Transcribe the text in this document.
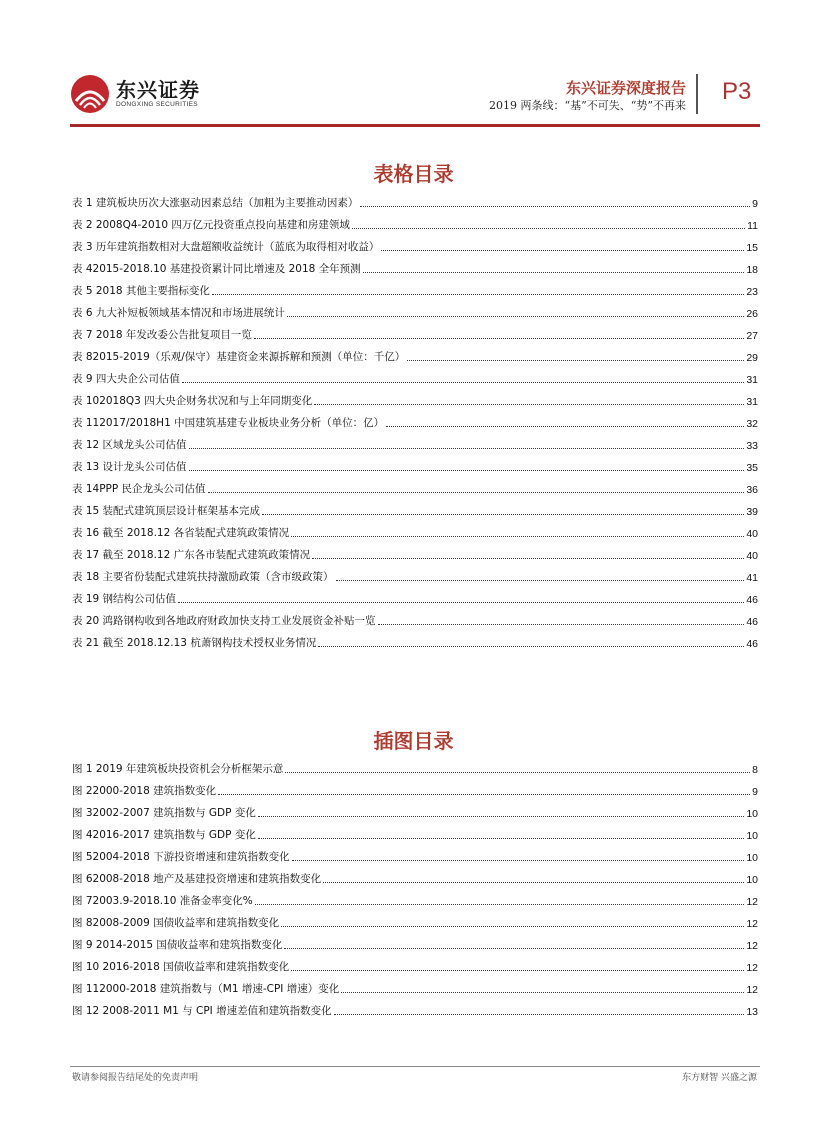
东兴证券
DONGXING SECURITIES
东兴证券深度报告
2019 两条线：“基”不可失、“势”不再来
P3
表格目录
表 1 建筑板块历次大涨驱动因素总结（加粗为主要推动因素）	9
表 2 2008Q4-2010 四万亿元投资重点投向基建和房建领域	11
表 3 历年建筑指数相对大盘超额收益统计（蓝底为取得相对收益）	15
表 42015-2018.10 基建投资累计同比增速及 2018 全年预测	18
表 5 2018 其他主要指标变化	23
表 6 九大补短板领域基本情况和市场进展统计	26
表 7 2018 年发改委公告批复项目一览	27
表 82015-2019（乐观/保守）基建资金来源拆解和预测（单位：千亿）	29
表 9 四大央企公司估值	31
表 102018Q3 四大央企财务状况和与上年同期变化	31
表 112017/2018H1 中国建筑基建专业板块业务分析（单位：亿）	32
表 12 区域龙头公司估值	33
表 13 设计龙头公司估值	35
表 14PPP 民企龙头公司估值	36
表 15 装配式建筑顶层设计框架基本完成	39
表 16 截至 2018.12 各省装配式建筑政策情况	40
表 17 截至 2018.12 广东各市装配式建筑政策情况	40
表 18 主要省份装配式建筑扶持激励政策（含市级政策）	41
表 19 钢结构公司估值	46
表 20 鸿路钢构收到各地政府财政加快支持工业发展资金补贴一览	46
表 21 截至 2018.12.13 杭萧钢构技术授权业务情况	46
插图目录
图 1 2019 年建筑板块投资机会分析框架示意	8
图 22000-2018 建筑指数变化	9
图 32002-2007 建筑指数与 GDP 变化	10
图 42016-2017 建筑指数与 GDP 变化	10
图 52004-2018 下游投资增速和建筑指数变化	10
图 62008-2018 地产及基建投资增速和建筑指数变化	10
图 72003.9-2018.10 准备金率变化%	12
图 82008-2009 国债收益率和建筑指数变化	12
图 9 2014-2015 国债收益率和建筑指数变化	12
图 10 2016-2018 国债收益率和建筑指数变化	12
图 112000-2018 建筑指数与（M1 增速-CPI 增速）变化	12
图 12 2008-2011 M1 与 CPI 增速差值和建筑指数变化	13
敬请参阅报告结尾处的免责声明	东方财智 兴盛之源
